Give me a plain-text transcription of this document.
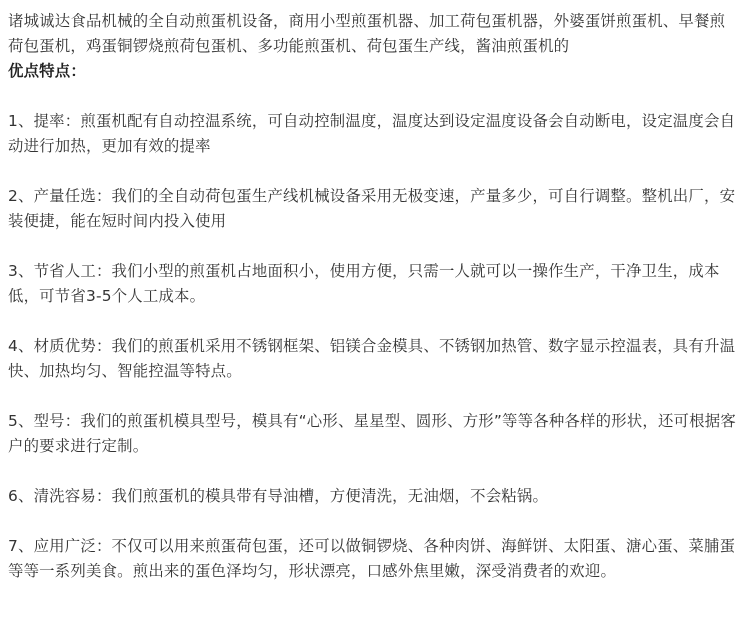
诸城诚达食品机械的全自动煎蛋机设备，商用小型煎蛋机器、加工荷包蛋机器，外婆蛋饼煎蛋机、早餐煎荷包蛋机，鸡蛋铜锣烧煎荷包蛋机、多功能煎蛋机、荷包蛋生产线，酱油煎蛋机的
优点特点：

1、提率：煎蛋机配有自动控温系统，可自动控制温度，温度达到设定温度设备会自动断电，设定温度会自动进行加热，更加有效的提率

2、产量任选：我们的全自动荷包蛋生产线机械设备采用无极变速，产量多少，可自行调整。整机出厂，安装便捷，能在短时间内投入使用

3、节省人工：我们小型的煎蛋机占地面积小，使用方便，只需一人就可以一操作生产，干净卫生，成本低，可节省3-5个人工成本。

4、材质优势：我们的煎蛋机采用不锈钢框架、铝镁合金模具、不锈钢加热管、数字显示控温表，具有升温快、加热均匀、智能控温等特点。

5、型号：我们的煎蛋机模具型号，模具有“心形、星星型、圆形、方形”等等各种各样的形状，还可根据客户的要求进行定制。

6、清洗容易：我们煎蛋机的模具带有导油槽，方便清洗，无油烟，不会粘锅。

7、应用广泛：不仅可以用来煎蛋荷包蛋，还可以做铜锣烧、各种肉饼、海鲜饼、太阳蛋、溏心蛋、菜脯蛋等等一系列美食。煎出来的蛋色泽均匀，形状漂亮，口感外焦里嫩，深受消费者的欢迎。
